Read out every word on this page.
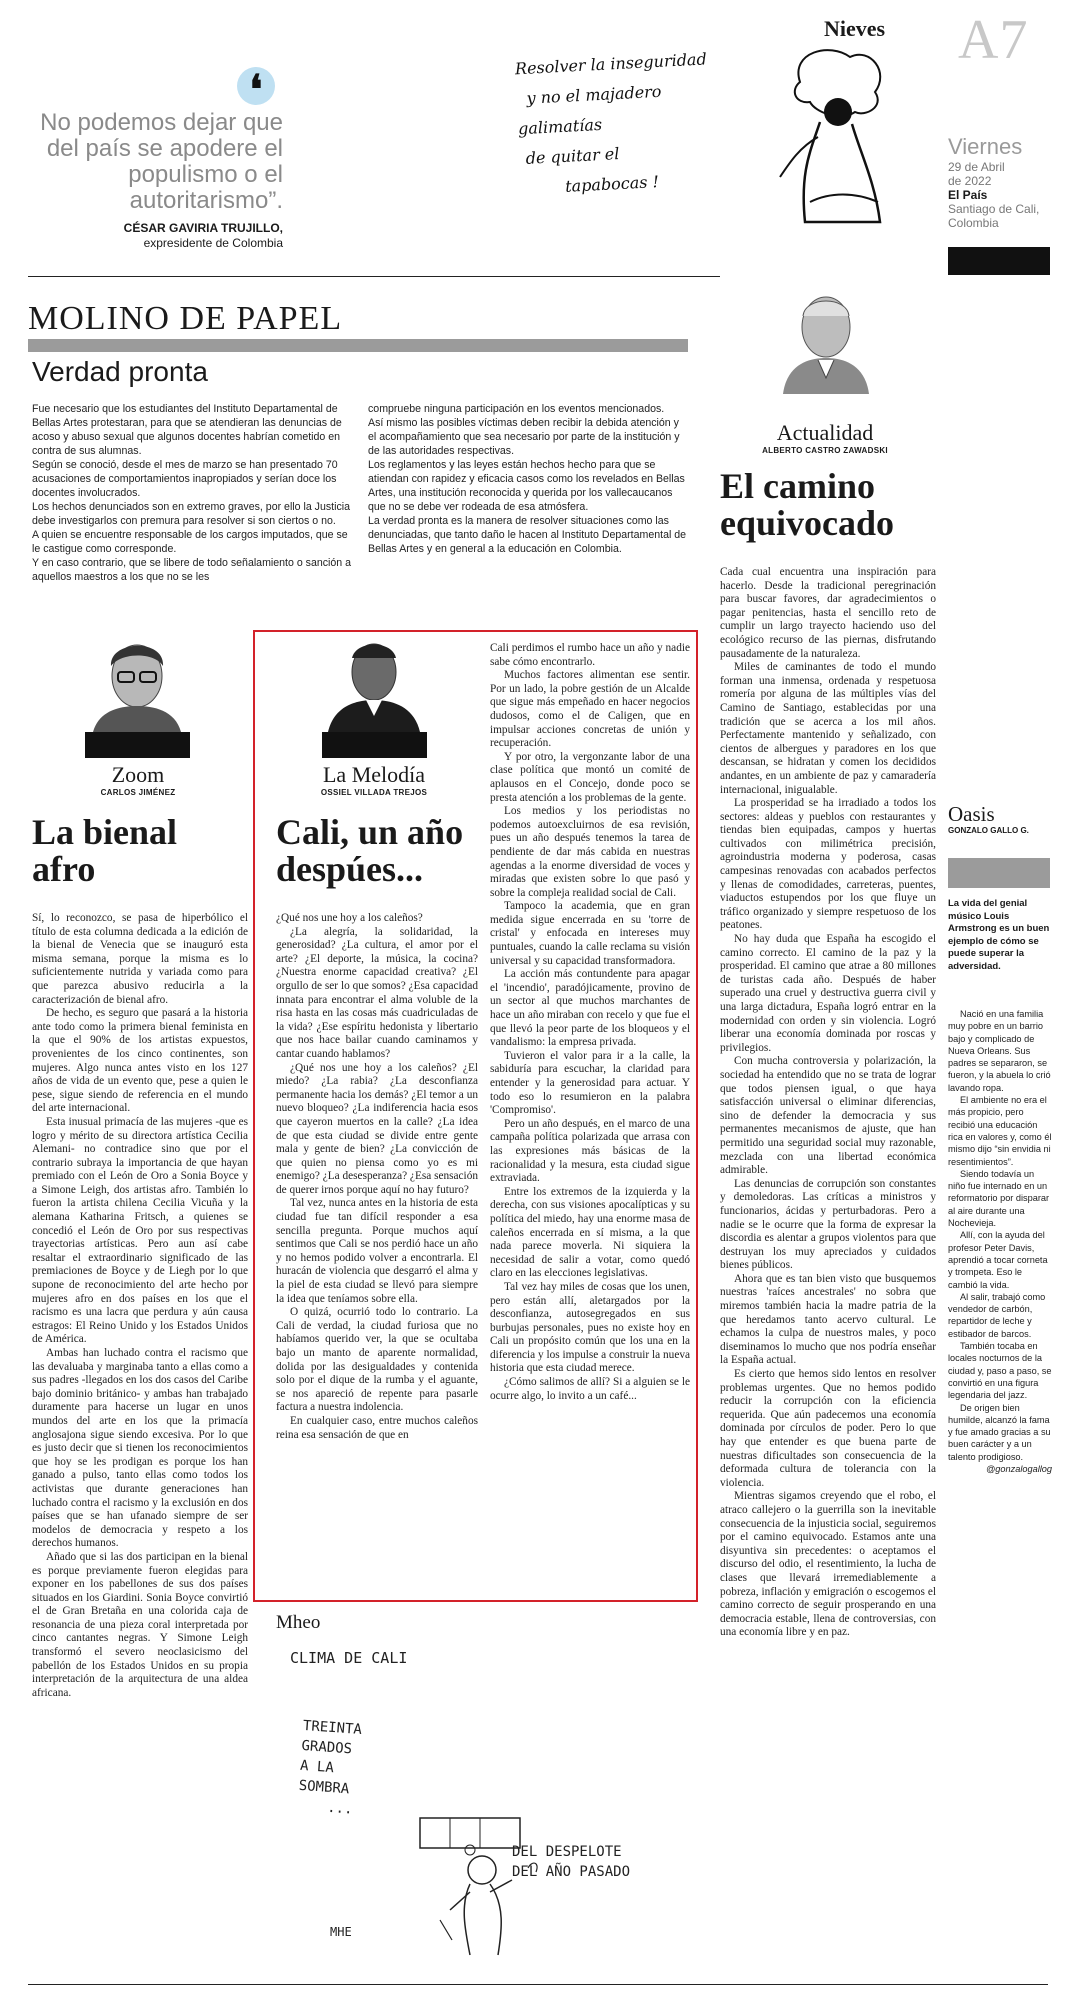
❛
No podemos dejar que del país se apodere el populismo o el autoritarismo”.
CÉSAR GAVIRIA TRUJILLO,
expresidente de Colombia
Nieves
Resolver la inseguridad
y no el majadero
galimatías
de quitar el
tapabocas !
A7
Viernes
29 de Abril
de 2022
El País
Santiago de Cali,
Colombia
MOLINO DE PAPEL
Verdad pronta

Fue necesario que los estudiantes del Instituto Departamental de Bellas Artes protestaran, para que se atendieran las denuncias de acoso y abuso sexual que algunos docentes habrían cometido en contra de sus alumnas.

Según se conoció, desde el mes de marzo se han presentado 70 acusaciones de comportamientos inapropiados y serían doce los docentes involucrados.

Los hechos denunciados son en extremo graves, por ello la Justicia debe investigarlos con premura para resolver si son ciertos o no.

A quien se encuentre responsable de los cargos imputados, que se le castigue como corresponde.

Y en caso contrario, que se libere de todo señalamiento o sanción a aquellos maestros a los que no se les

compruebe ninguna participación en los eventos mencionados.

Así mismo las posibles víctimas deben recibir la debida atención y el acompañamiento que sea necesario por parte de la institución y de las autoridades respectivas.

Los reglamentos y las leyes están hechos hecho para que se atiendan con rapidez y eficacia casos como los revelados en Bellas Artes, una institución reconocida y querida por los vallecaucanos que no se debe ver rodeada de esa atmósfera.

La verdad pronta es la manera de resolver situaciones como las denunciadas, que tanto daño le hacen al Instituto Departamental de Bellas Artes y en general a la educación en Colombia.

Actualidad
ALBERTO CASTRO ZAWADSKI
El camino equivocado

Cada cual encuentra una inspiración para hacerlo. Desde la tradicional peregrinación para buscar favores, dar agradecimientos o pagar penitencias, hasta el sencillo reto de cumplir un largo trayecto haciendo uso del ecológico recurso de las piernas, disfrutando pausadamente de la naturaleza.

Miles de caminantes de todo el mundo forman una inmensa, ordenada y respetuosa romería por alguna de las múltiples vías del Camino de Santiago, establecidas por una tradición que se acerca a los mil años. Perfectamente mantenido y señalizado, con cientos de albergues y paradores en los que descansan, se hidratan y comen los decididos andantes, en un ambiente de paz y camaradería internacional, inigualable.

La prosperidad se ha irradiado a todos los sectores: aldeas y pueblos con restaurantes y tiendas bien equipadas, campos y huertas cultivados con milimétrica precisión, agroindustria moderna y poderosa, casas campesinas renovadas con acabados perfectos y llenas de comodidades, carreteras, puentes, viaductos estupendos por los que fluye un tráfico organizado y siempre respetuoso de los peatones.

No hay duda que España ha escogido el camino correcto. El camino de la paz y la prosperidad. El camino que atrae a 80 millones de turistas cada año. Después de haber superado una cruel y destructiva guerra civil y una larga dictadura, España logró entrar en la modernidad con orden y sin violencia. Logró liberar una economía dominada por roscas y privilegios.

Con mucha controversia y polarización, la sociedad ha entendido que no se trata de lograr que todos piensen igual, o que haya satisfacción universal o eliminar diferencias, sino de defender la democracia y sus permanentes mecanismos de ajuste, que han permitido una seguridad social muy razonable, mezclada con una libertad económica admirable.

Las denuncias de corrupción son constantes y demoledoras. Las críticas a ministros y funcionarios, ácidas y perturbadoras. Pero a nadie se le ocurre que la forma de expresar la discordia es alentar a grupos violentos para que destruyan los muy apreciados y cuidados bienes públicos.

Ahora que es tan bien visto que busquemos nuestras 'raíces ancestrales' no sobra que miremos también hacia la madre patria de la que heredamos tanto acervo cultural. Le echamos la culpa de nuestros males, y poco diseminamos lo mucho que nos podría enseñar la España actual.

Es cierto que hemos sido lentos en resolver problemas urgentes. Que no hemos podido reducir la corrupción con la eficiencia requerida. Que aún padecemos una economía dominada por círculos de poder. Pero lo que hay que entender es que buena parte de nuestras dificultades son consecuencia de la deformada cultura de tolerancia con la violencia.

Mientras sigamos creyendo que el robo, el atraco callejero o la guerrilla son la inevitable consecuencia de la injusticia social, seguiremos por el camino equivocado. Estamos ante una disyuntiva sin precedentes: o aceptamos el discurso del odio, el resentimiento, la lucha de clases que llevará irremediablemente a pobreza, inflación y emigración o escogemos el camino correcto de seguir prosperando en una democracia estable, llena de controversias, con una economía libre y en paz.

Oasis
GONZALO GALLO G.
La vida del genial músico Louis Armstrong es un buen ejemplo de cómo se puede superar la adversidad.

Nació en una familia muy pobre en un barrio bajo y complicado de Nueva Orleans. Sus padres se separaron, se fueron, y la abuela lo crió lavando ropa.

El ambiente no era el más propicio, pero recibió una educación rica en valores y, como él mismo dijo “sin envidia ni resentimientos”.

Siendo todavía un niño fue internado en un reformatorio por disparar al aire durante una Nochevieja.

Allí, con la ayuda del profesor Peter Davis, aprendió a tocar corneta y trompeta. Eso le cambió la vida.

Al salir, trabajó como vendedor de carbón, repartidor de leche y estibador de barcos.

También tocaba en locales nocturnos de la ciudad y, paso a paso, se convirtió en una figura legendaria del jazz.

De origen bien humilde, alcanzó la fama y fue amado gracias a su buen carácter y a un talento prodigioso.

@gonzalogallog
Zoom
CARLOS JIMÉNEZ
La bienal afro

Sí, lo reconozco, se pasa de hiperbólico el título de esta columna dedicada a la edición de la bienal de Venecia que se inauguró esta misma semana, porque la misma es lo suficientemente nutrida y variada como para que parezca abusivo reducirla a la caracterización de bienal afro.

De hecho, es seguro que pasará a la historia ante todo como la primera bienal feminista en la que el 90% de los artistas expuestos, provenientes de los cinco continentes, son mujeres. Algo nunca antes visto en los 127 años de vida de un evento que, pese a quien le pese, sigue siendo de referencia en el mundo del arte internacional.

Esta inusual primacía de las mujeres -que es logro y mérito de su directora artística Cecilia Alemani- no contradice sino que por el contrario subraya la importancia de que hayan premiado con el León de Oro a Sonia Boyce y a Simone Leigh, dos artistas afro. También lo fueron la artista chilena Cecilia Vicuña y la alemana Katharina Fritsch, a quienes se concedió el León de Oro por sus respectivas trayectorias artísticas. Pero aun así cabe resaltar el extraordinario significado de las premiaciones de Boyce y de Liegh por lo que supone de reconocimiento del arte hecho por mujeres afro en dos países en los que el racismo es una lacra que perdura y aún causa estragos: El Reino Unido y los Estados Unidos de América.

Ambas han luchado contra el racismo que las devaluaba y marginaba tanto a ellas como a sus padres -llegados en los dos casos del Caribe bajo dominio británico- y ambas han trabajado duramente para hacerse un lugar en unos mundos del arte en los que la primacía anglosajona sigue siendo excesiva. Por lo que es justo decir que si tienen los reconocimientos que hoy se les prodigan es porque los han ganado a pulso, tanto ellas como todos los activistas que durante generaciones han luchado contra el racismo y la exclusión en dos países que se han ufanado siempre de ser modelos de democracia y respeto a los derechos humanos.

Añado que si las dos participan en la bienal es porque previamente fueron elegidas para exponer en los pabellones de sus dos países situados en los Giardini. Sonia Boyce convirtió el de Gran Bretaña en una colorida caja de resonancia de una pieza coral interpretada por cinco cantantes negras. Y Simone Leigh transformó el severo neoclasicismo del pabellón de los Estados Unidos en su propia interpretación de la arquitectura de una aldea africana.

La Melodía
OSSIEL VILLADA TREJOS
Cali, un año despúes...

¿Qué nos une hoy a los caleños?

¿La alegría, la solidaridad, la generosidad? ¿La cultura, el amor por el arte? ¿El deporte, la música, la cocina? ¿Nuestra enorme capacidad creativa? ¿El orgullo de ser lo que somos? ¿Esa capacidad innata para encontrar el alma voluble de la risa hasta en las cosas más cuadriculadas de la vida? ¿Ese espíritu hedonista y libertario que nos hace bailar cuando caminamos y cantar cuando hablamos?

¿Qué nos une hoy a los caleños? ¿El miedo? ¿La rabia? ¿La desconfianza permanente hacia los demás? ¿El temor a un nuevo bloqueo? ¿La indiferencia hacia esos que cayeron muertos en la calle? ¿La idea de que esta ciudad se divide entre gente mala y gente de bien? ¿La convicción de que quien no piensa como yo es mi enemigo? ¿La desesperanza? ¿Esa sensación de querer irnos porque aquí no hay futuro?

Tal vez, nunca antes en la historia de esta ciudad fue tan difícil responder a esa sencilla pregunta. Porque muchos aquí sentimos que Cali se nos perdió hace un año y no hemos podido volver a encontrarla. El huracán de violencia que desgarró el alma y la piel de esta ciudad se llevó para siempre la idea que teníamos sobre ella.

O quizá, ocurrió todo lo contrario. La Cali de verdad, la ciudad furiosa que no habíamos querido ver, la que se ocultaba bajo un manto de aparente normalidad, dolida por las desigualdades y contenida solo por el dique de la rumba y el aguante, se nos apareció de repente para pasarle factura a nuestra indolencia.

En cualquier caso, entre muchos caleños reina esa sensación de que en

Cali perdimos el rumbo hace un año y nadie sabe cómo encontrarlo.

Muchos factores alimentan ese sentir. Por un lado, la pobre gestión de un Alcalde que sigue más empeñado en hacer negocios dudosos, como el de Caligen, que en impulsar acciones concretas de unión y recuperación.

Y por otro, la vergonzante labor de una clase política que montó un comité de aplausos en el Concejo, donde poco se presta atención a los problemas de la gente.

Los medios y los periodistas no podemos autoexcluirnos de esa revisión, pues un año después tenemos la tarea de pendiente de dar más cabida en nuestras agendas a la enorme diversidad de voces y miradas que existen sobre lo que pasó y sobre la compleja realidad social de Cali.

Tampoco la academia, que en gran medida sigue encerrada en su 'torre de cristal' y enfocada en intereses muy puntuales, cuando la calle reclama su visión universal y su capacidad transformadora.

La acción más contundente para apagar el 'incendio', paradójicamente, provino de un sector al que muchos marchantes de hace un año miraban con recelo y que fue el que llevó la peor parte de los bloqueos y el vandalismo: la empresa privada.

Tuvieron el valor para ir a la calle, la sabiduría para escuchar, la claridad para entender y la generosidad para actuar. Y todo eso lo resumieron en la palabra 'Compromiso'.

Pero un año después, en el marco de una campaña política polarizada que arrasa con las expresiones más básicas de la racionalidad y la mesura, esta ciudad sigue extraviada.

Entre los extremos de la izquierda y la derecha, con sus visiones apocalípticas y su política del miedo, hay una enorme masa de caleños encerrada en sí misma, a la que nada parece moverla. Ni siquiera la necesidad de salir a votar, como quedó claro en las elecciones legislativas.

Tal vez hay miles de cosas que los unen, pero están allí, aletargados por la desconfianza, autosegregados en sus burbujas personales, pues no existe hoy en Cali un propósito común que los una en la diferencia y los impulse a construir la nueva historia que esta ciudad merece.

¿Cómo salimos de allí? Si a alguien se le ocurre algo, lo invito a un café...

Mheo
CLIMA DE CALI
TREINTA
GRADOS
A LA
SOMBRA
...
DEL DESPELOTE
DEL AÑO PASADO
MHE
